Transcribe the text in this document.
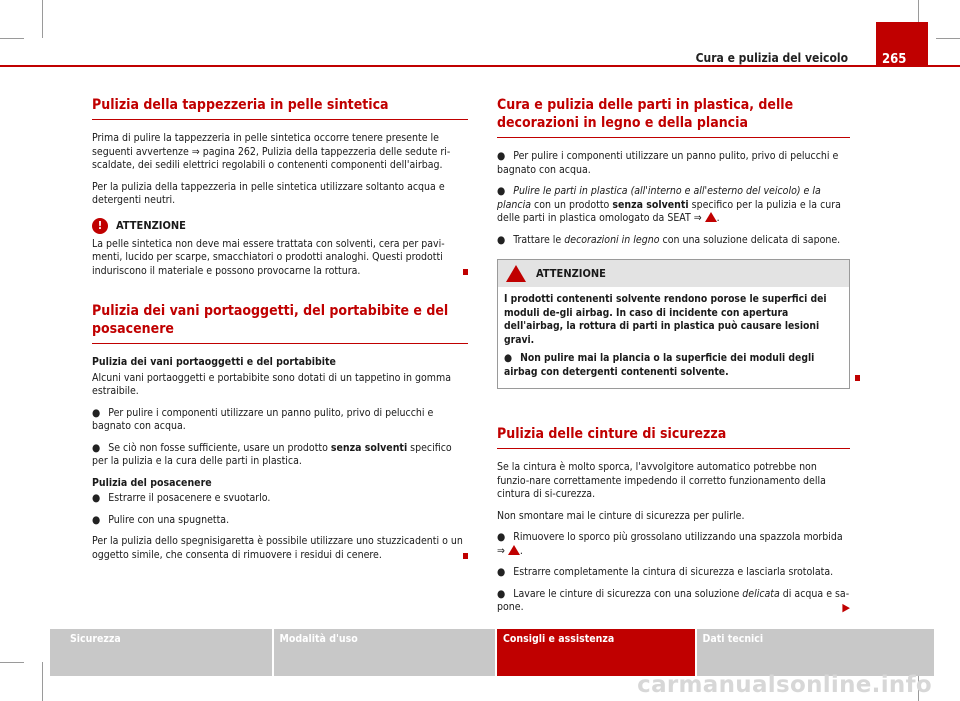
Cura e pulizia del veicolo	265
Pulizia della tappezzeria in pelle sintetica

Prima di pulire la tappezzeria in pelle sintetica occorre tenere presente le seguenti avvertenze ⇒ pagina 262, Pulizia della tappezzeria delle sedute ri-scaldate, dei sedili elettrici regolabili o contenenti componenti dell'airbag.

Per la pulizia della tappezzeria in pelle sintetica utilizzare soltanto acqua e detergenti neutri.

!	ATTENZIONE

La pelle sintetica non deve mai essere trattata con solventi, cera per pavi-menti, lucido per scarpe, smacchiatori o prodotti analoghi. Questi prodotti induriscono il materiale e possono provocarne la rottura.

Pulizia dei vani portaoggetti, del portabibite e del posacenere

Pulizia dei vani portaoggetti e del portabibite

Alcuni vani portaoggetti e portabibite sono dotati di un tappetino in gomma estraibile.

● Per pulire i componenti utilizzare un panno pulito, privo di pelucchi e bagnato con acqua.

● Se ciò non fosse sufficiente, usare un prodotto senza solventi specifico per la pulizia e la cura delle parti in plastica.

Pulizia del posacenere

● Estrarre il posacenere e svuotarlo.

● Pulire con una spugnetta.

Per la pulizia dello spegnisigaretta è possibile utilizzare uno stuzzicadenti o un oggetto simile, che consenta di rimuovere i residui di cenere.

Cura e pulizia delle parti in plastica, delle decorazioni in legno e della plancia

● Per pulire i componenti utilizzare un panno pulito, privo di pelucchi e bagnato con acqua.

● Pulire le parti in plastica (all'interno e all'esterno del veicolo) e la plancia con un prodotto senza solventi specifico per la pulizia e la cura delle parti in plastica omologato da SEAT ⇒ .

● Trattare le decorazioni in legno con una soluzione delicata di sapone.

ATTENZIONE

I prodotti contenenti solvente rendono porose le superfici dei moduli de-gli airbag. In caso di incidente con apertura dell'airbag, la rottura di parti in plastica può causare lesioni gravi.

● Non pulire mai la plancia o la superficie dei moduli degli airbag con detergenti contenenti solvente.

Pulizia delle cinture di sicurezza

Se la cintura è molto sporca, l'avvolgitore automatico potrebbe non funzio-nare correttamente impedendo il corretto funzionamento della cintura di si-curezza.

Non smontare mai le cinture di sicurezza per pulirle.

● Rimuovere lo sporco più grossolano utilizzando una spazzola morbida
⇒ .

● Estrarre completamente la cintura di sicurezza e lasciarla srotolata.

● Lavare le cinture di sicurezza con una soluzione delicata di acqua e sa-pone.	▶

Sicurezza	Modalità d'uso	Consigli e assistenza	Dati tecnici
carmanualsonline.info
